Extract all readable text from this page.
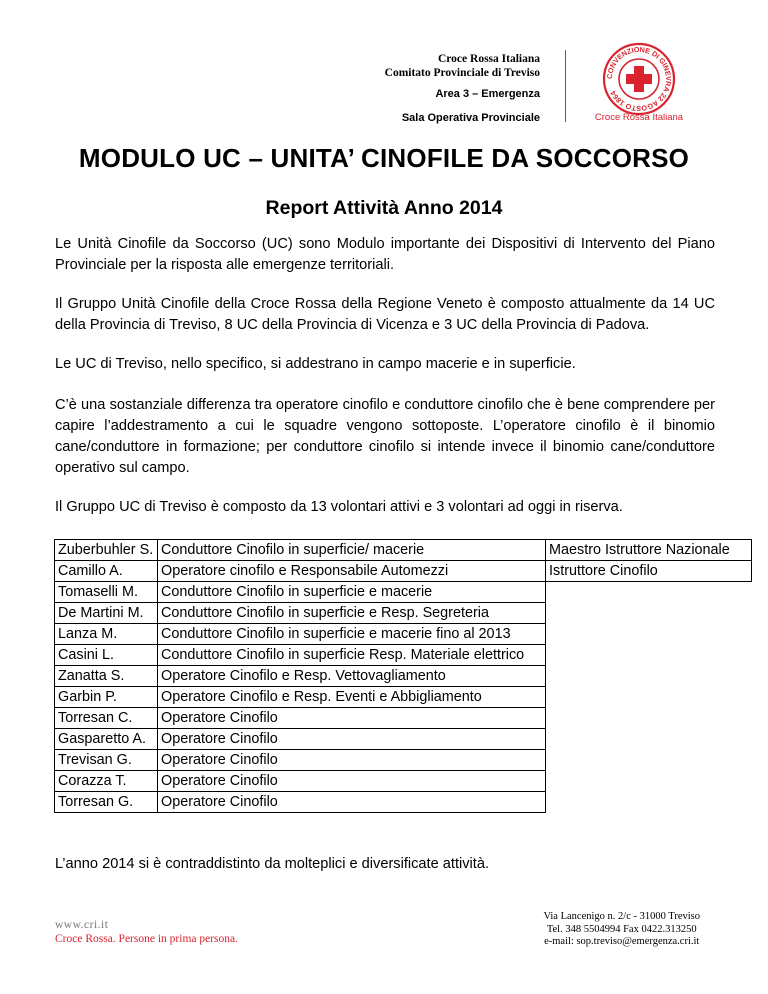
Croce Rossa Italiana
Comitato Provinciale di Treviso
Area 3 – Emergenza
Sala Operativa Provinciale
CONVENZIONE DI GINEVRA 22 AGOSTO 1864
Croce Rossa Italiana
MODULO UC – UNITA’ CINOFILE DA SOCCORSO
Report Attività Anno 2014

Le Unità Cinofile da Soccorso (UC) sono Modulo importante dei Dispositivi di Intervento del Piano Provinciale per la risposta alle emergenze territoriali.

Il Gruppo Unità Cinofile della Croce Rossa della Regione Veneto è composto attualmente da 14 UC della Provincia di Treviso, 8 UC della Provincia di Vicenza e 3 UC della Provincia di Padova.

Le UC di Treviso, nello specifico, si addestrano in campo macerie e in superficie.

C’è una sostanziale differenza tra operatore cinofilo e conduttore cinofilo che è bene comprendere per capire l’addestramento a cui le squadre vengono sottoposte. L’operatore cinofilo è il binomio cane/conduttore in formazione; per conduttore cinofilo si intende invece il binomio cane/conduttore operativo sul campo.

Il Gruppo UC di Treviso è composto da 13 volontari attivi e 3 volontari ad oggi in riserva.

Zuberbuhler S.	Conduttore Cinofilo in superficie/ macerie	Maestro Istruttore Nazionale
Camillo A.	Operatore cinofilo e Responsabile Automezzi	Istruttore Cinofilo
Tomaselli M.	Conduttore Cinofilo in superficie e macerie	
De Martini M.	Conduttore Cinofilo in superficie e Resp. Segreteria	
Lanza M.	Conduttore Cinofilo in superficie e macerie fino al 2013	
Casini L.	Conduttore Cinofilo in superficie Resp. Materiale elettrico	
Zanatta S.	Operatore Cinofilo e Resp. Vettovagliamento	
Garbin P.	Operatore Cinofilo e Resp. Eventi e Abbigliamento	
Torresan C.	Operatore Cinofilo	
Gasparetto A.	Operatore Cinofilo	
Trevisan G.	Operatore Cinofilo	
Corazza T.	Operatore Cinofilo	
Torresan G.	Operatore Cinofilo	

L’anno 2014 si è contraddistinto da molteplici e diversificate attività.

www.cri.it
Croce Rossa. Persone in prima persona.
Via Lancenigo n. 2/c - 31000 Treviso
Tel. 348 5504994 Fax 0422.313250
e-mail: sop.treviso@emergenza.cri.it
